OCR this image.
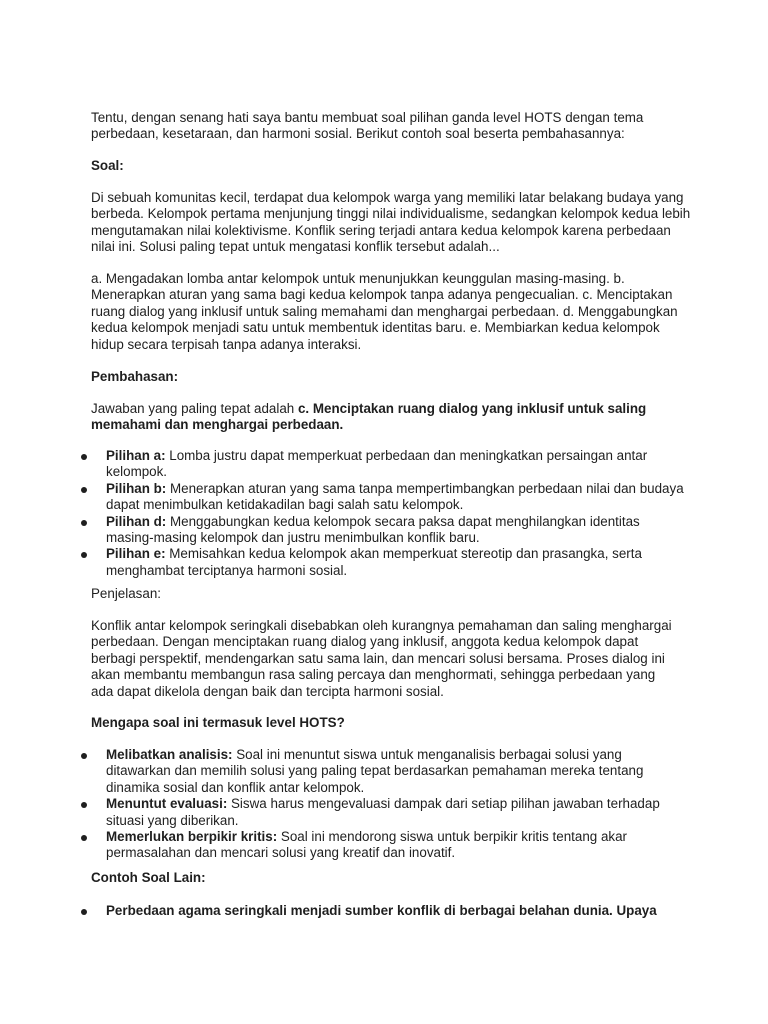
Tentu, dengan senang hati saya bantu membuat soal pilihan ganda level HOTS dengan tema perbedaan, kesetaraan, dan harmoni sosial. Berikut contoh soal beserta pembahasannya:

Soal:

Di sebuah komunitas kecil, terdapat dua kelompok warga yang memiliki latar belakang budaya yang berbeda. Kelompok pertama menjunjung tinggi nilai individualisme, sedangkan kelompok kedua lebih mengutamakan nilai kolektivisme. Konflik sering terjadi antara kedua kelompok karena perbedaan nilai ini. Solusi paling tepat untuk mengatasi konflik tersebut adalah...

a. Mengadakan lomba antar kelompok untuk menunjukkan keunggulan masing-masing. b. Menerapkan aturan yang sama bagi kedua kelompok tanpa adanya pengecualian. c. Menciptakan ruang dialog yang inklusif untuk saling memahami dan menghargai perbedaan. d. Menggabungkan kedua kelompok menjadi satu untuk membentuk identitas baru. e. Membiarkan kedua kelompok hidup secara terpisah tanpa adanya interaksi.

Pembahasan:

Jawaban yang paling tepat adalah c. Menciptakan ruang dialog yang inklusif untuk saling memahami dan menghargai perbedaan.

Pilihan a: Lomba justru dapat memperkuat perbedaan dan meningkatkan persaingan antar kelompok.
Pilihan b: Menerapkan aturan yang sama tanpa mempertimbangkan perbedaan nilai dan budaya dapat menimbulkan ketidakadilan bagi salah satu kelompok.
Pilihan d: Menggabungkan kedua kelompok secara paksa dapat menghilangkan identitas masing-masing kelompok dan justru menimbulkan konflik baru.
Pilihan e: Memisahkan kedua kelompok akan memperkuat stereotip dan prasangka, serta menghambat terciptanya harmoni sosial.
Penjelasan:

Konflik antar kelompok seringkali disebabkan oleh kurangnya pemahaman dan saling menghargai perbedaan. Dengan menciptakan ruang dialog yang inklusif, anggota kedua kelompok dapat berbagi perspektif, mendengarkan satu sama lain, dan mencari solusi bersama. Proses dialog ini akan membantu membangun rasa saling percaya dan menghormati, sehingga perbedaan yang ada dapat dikelola dengan baik dan tercipta harmoni sosial.

Mengapa soal ini termasuk level HOTS?
Melibatkan analisis: Soal ini menuntut siswa untuk menganalisis berbagai solusi yang ditawarkan dan memilih solusi yang paling tepat berdasarkan pemahaman mereka tentang dinamika sosial dan konflik antar kelompok.
Menuntut evaluasi: Siswa harus mengevaluasi dampak dari setiap pilihan jawaban terhadap situasi yang diberikan.
Memerlukan berpikir kritis: Soal ini mendorong siswa untuk berpikir kritis tentang akar permasalahan dan mencari solusi yang kreatif dan inovatif.
Contoh Soal Lain:
Perbedaan agama seringkali menjadi sumber konflik di berbagai belahan dunia. Upaya
